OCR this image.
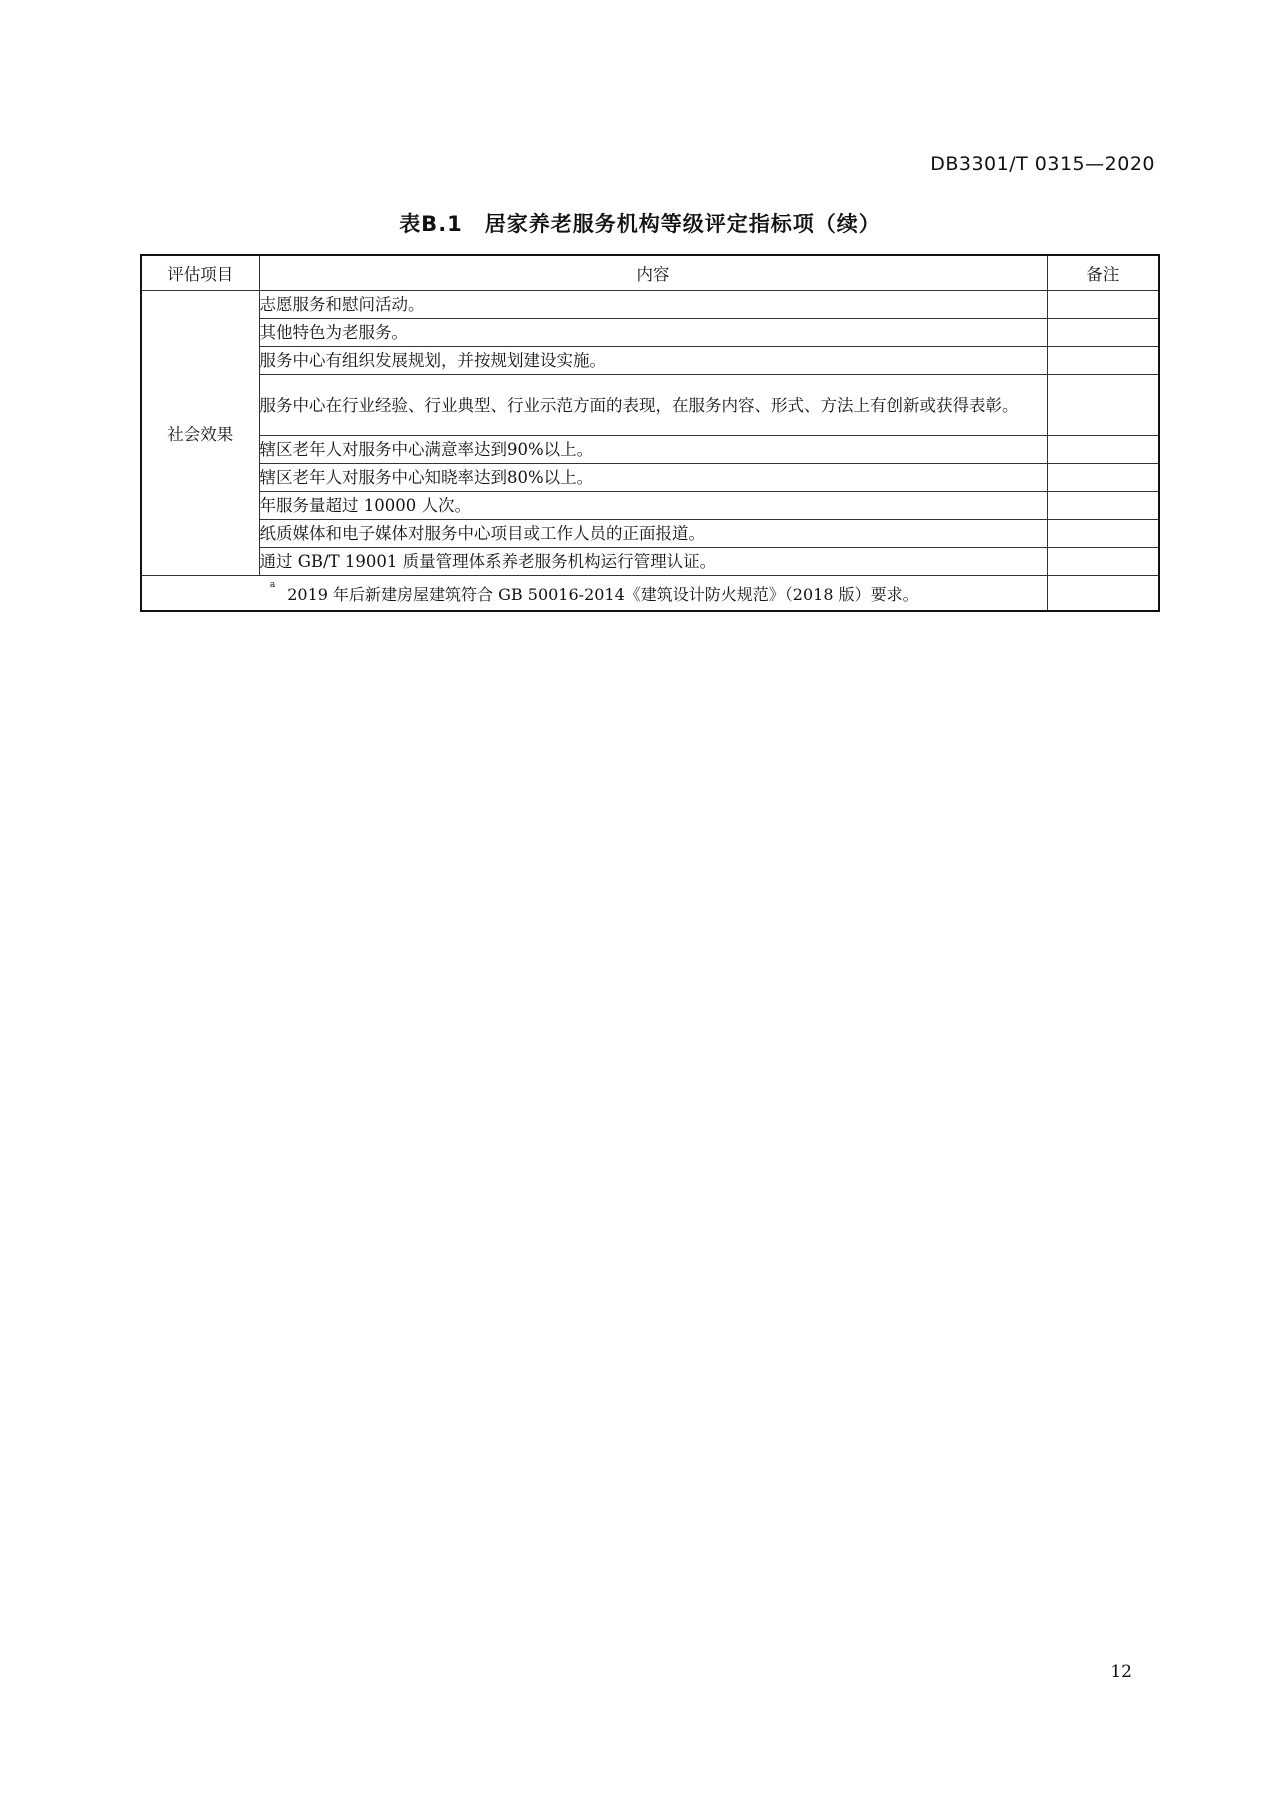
DB3301/T 0315—2020
表B.1 居家养老服务机构等级评定指标项（续）
评估项目	内容	备注
社会效果	志愿服务和慰问活动。	
	其他特色为老服务。	
	服务中心有组织发展规划，并按规划建设实施。	
	服务中心在行业经验、行业典型、行业示范方面的表现，在服务内容、形式、方法上有创新或获得表彰。	
	辖区老年人对服务中心满意率达到90%以上。	
	辖区老年人对服务中心知晓率达到80%以上。	
	年服务量超过 10000 人次。	
	纸质媒体和电子媒体对服务中心项目或工作人员的正面报道。	
	通过 GB/T 19001 质量管理体系养老服务机构运行管理认证。	
$^a$ 2019 年后新建房屋建筑符合 GB 50016-2014《建筑设计防火规范》（2018 版）要求。		
12
